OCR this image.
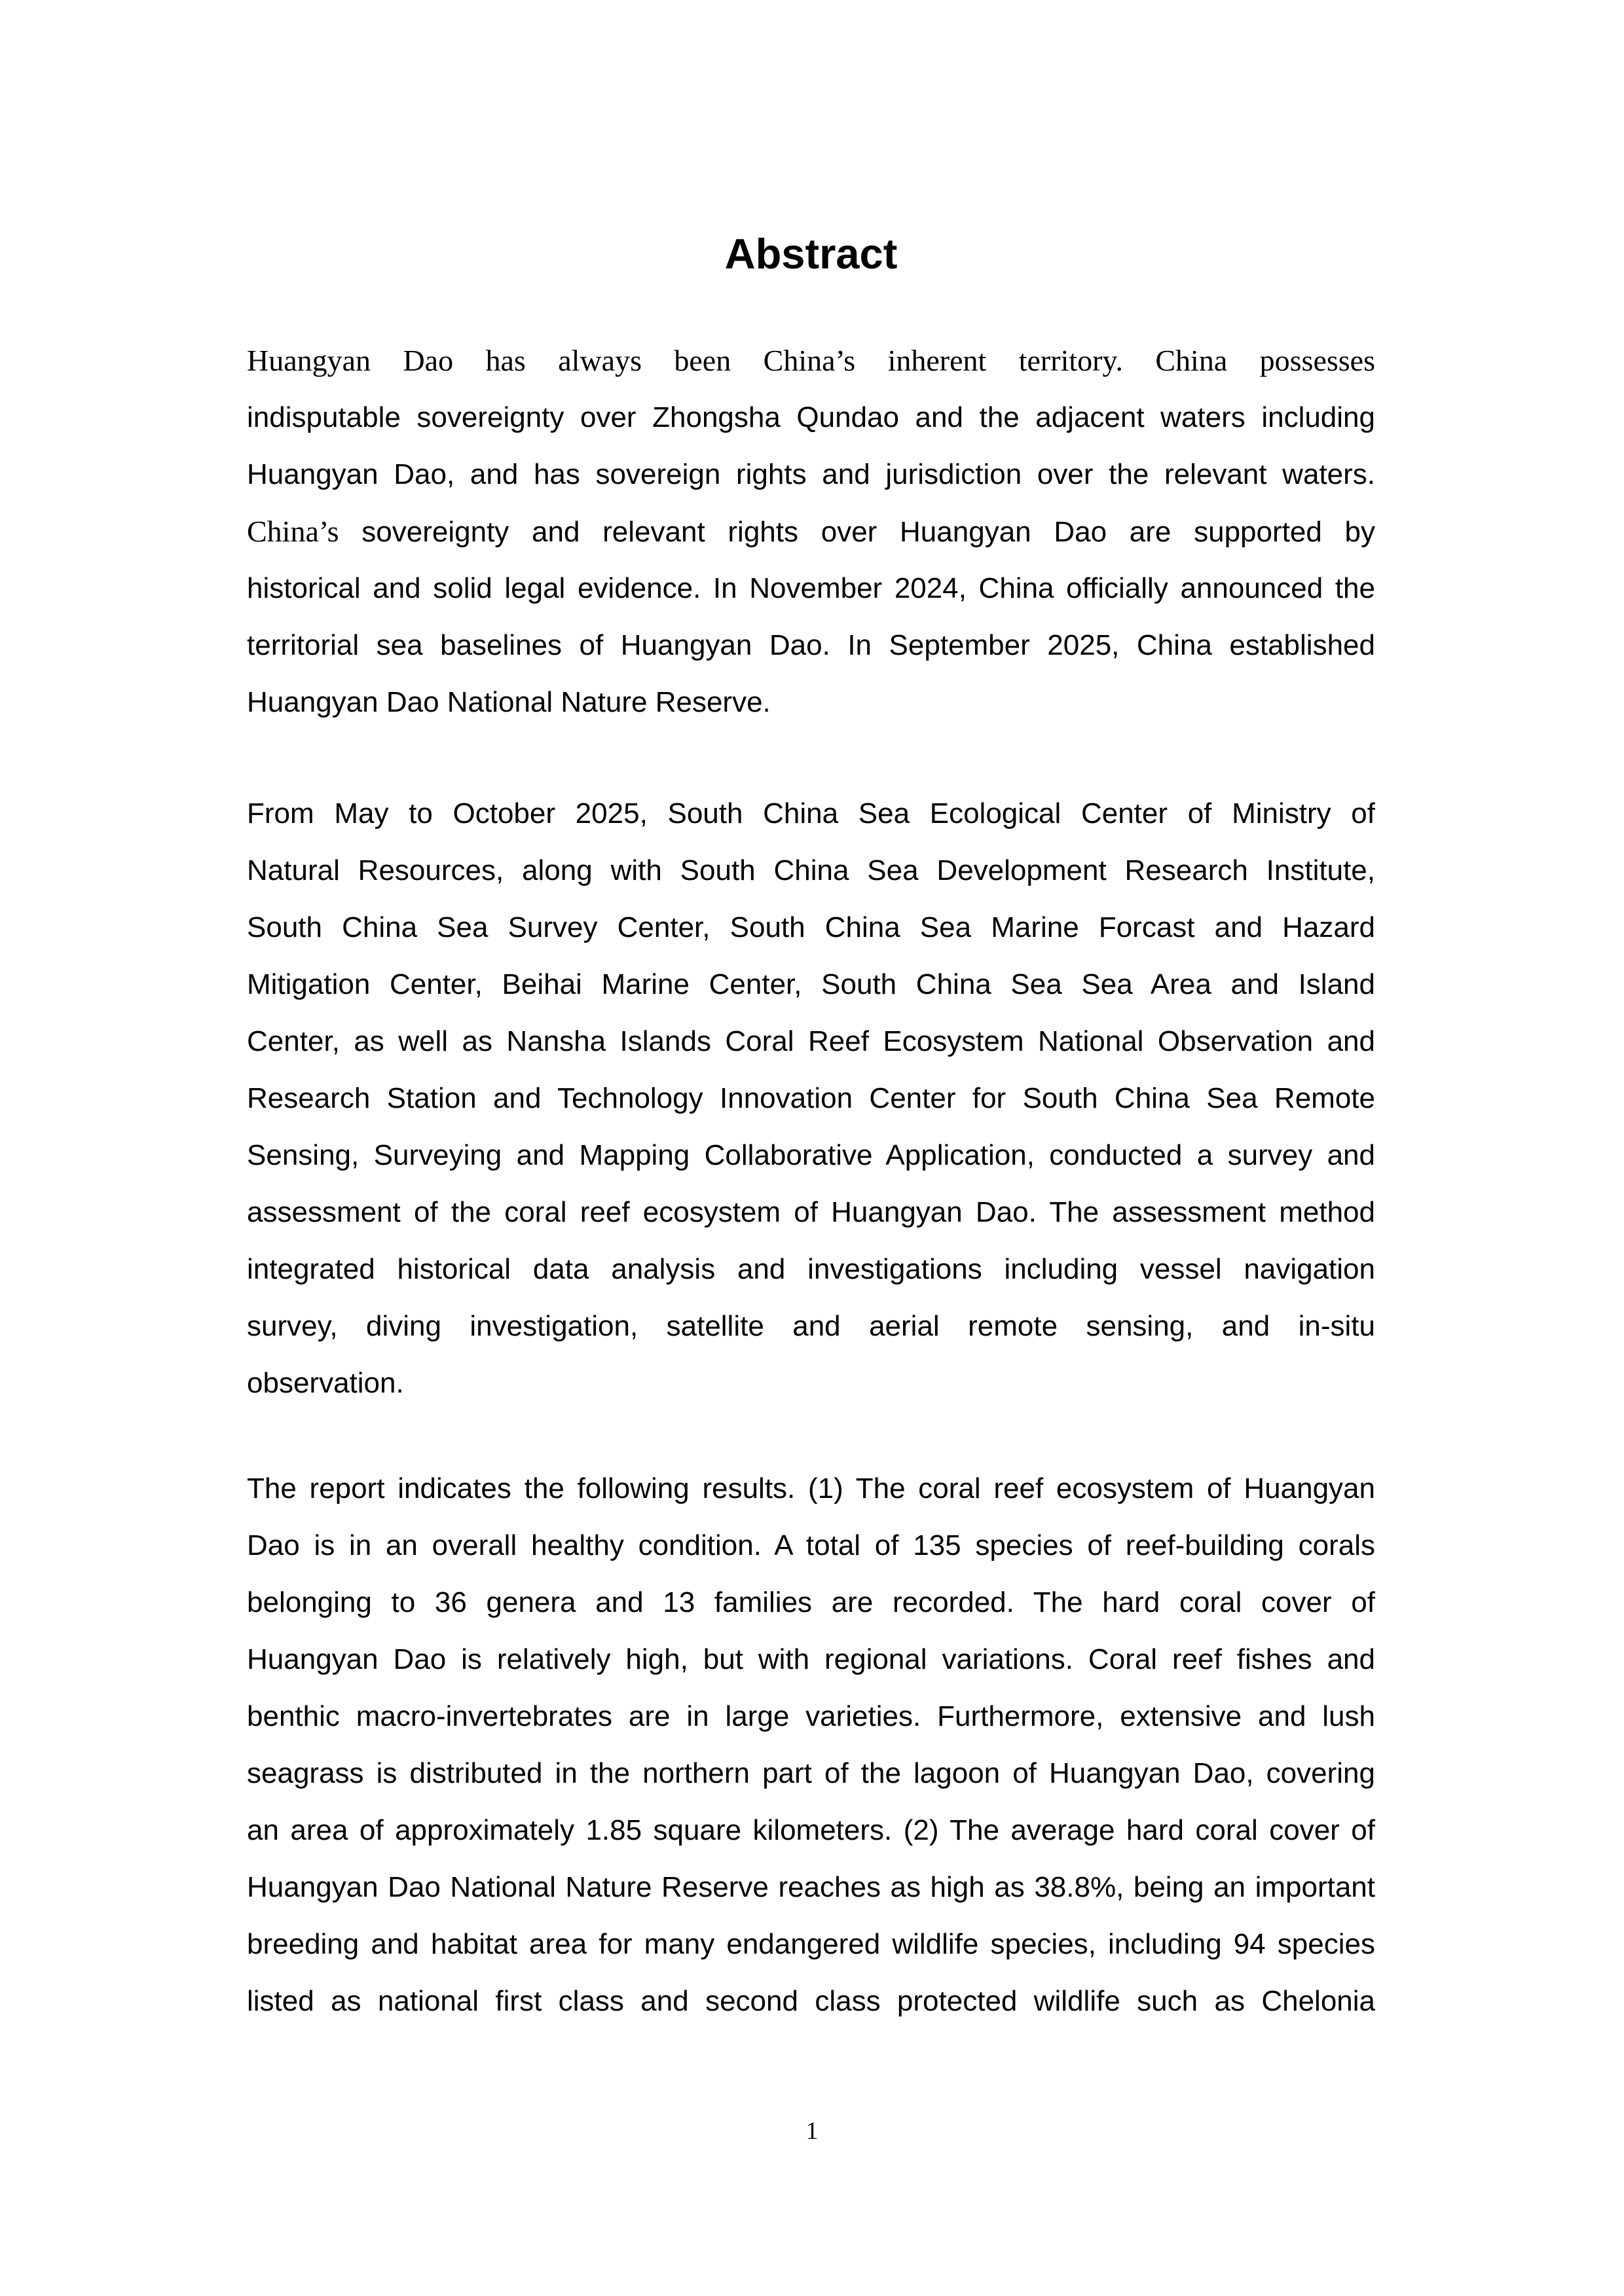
Abstract
Huangyan Dao has always been China’s inherent territory. China possesses
indisputable sovereignty over Zhongsha Qundao and the adjacent waters including
Huangyan Dao, and has sovereign rights and jurisdiction over the relevant waters.
China’s sovereignty and relevant rights over Huangyan Dao are supported by
historical and solid legal evidence. In November 2024, China officially announced the
territorial sea baselines of Huangyan Dao. In September 2025, China established
Huangyan Dao National Nature Reserve.
From May to October 2025, South China Sea Ecological Center of Ministry of
Natural Resources, along with South China Sea Development Research Institute,
South China Sea Survey Center, South China Sea Marine Forcast and Hazard
Mitigation Center, Beihai Marine Center, South China Sea Sea Area and Island
Center, as well as Nansha Islands Coral Reef Ecosystem National Observation and
Research Station and Technology Innovation Center for South China Sea Remote
Sensing, Surveying and Mapping Collaborative Application, conducted a survey and
assessment of the coral reef ecosystem of Huangyan Dao. The assessment method
integrated historical data analysis and investigations including vessel navigation
survey, diving investigation, satellite and aerial remote sensing, and in-situ
observation.
The report indicates the following results. (1) The coral reef ecosystem of Huangyan
Dao is in an overall healthy condition. A total of 135 species of reef-building corals
belonging to 36 genera and 13 families are recorded. The hard coral cover of
Huangyan Dao is relatively high, but with regional variations. Coral reef fishes and
benthic macro-invertebrates are in large varieties. Furthermore, extensive and lush
seagrass is distributed in the northern part of the lagoon of Huangyan Dao, covering
an area of approximately 1.85 square kilometers. (2) The average hard coral cover of
Huangyan Dao National Nature Reserve reaches as high as 38.8%, being an important
breeding and habitat area for many endangered wildlife species, including 94 species
listed as national first class and second class protected wildlife such as Chelonia
1
